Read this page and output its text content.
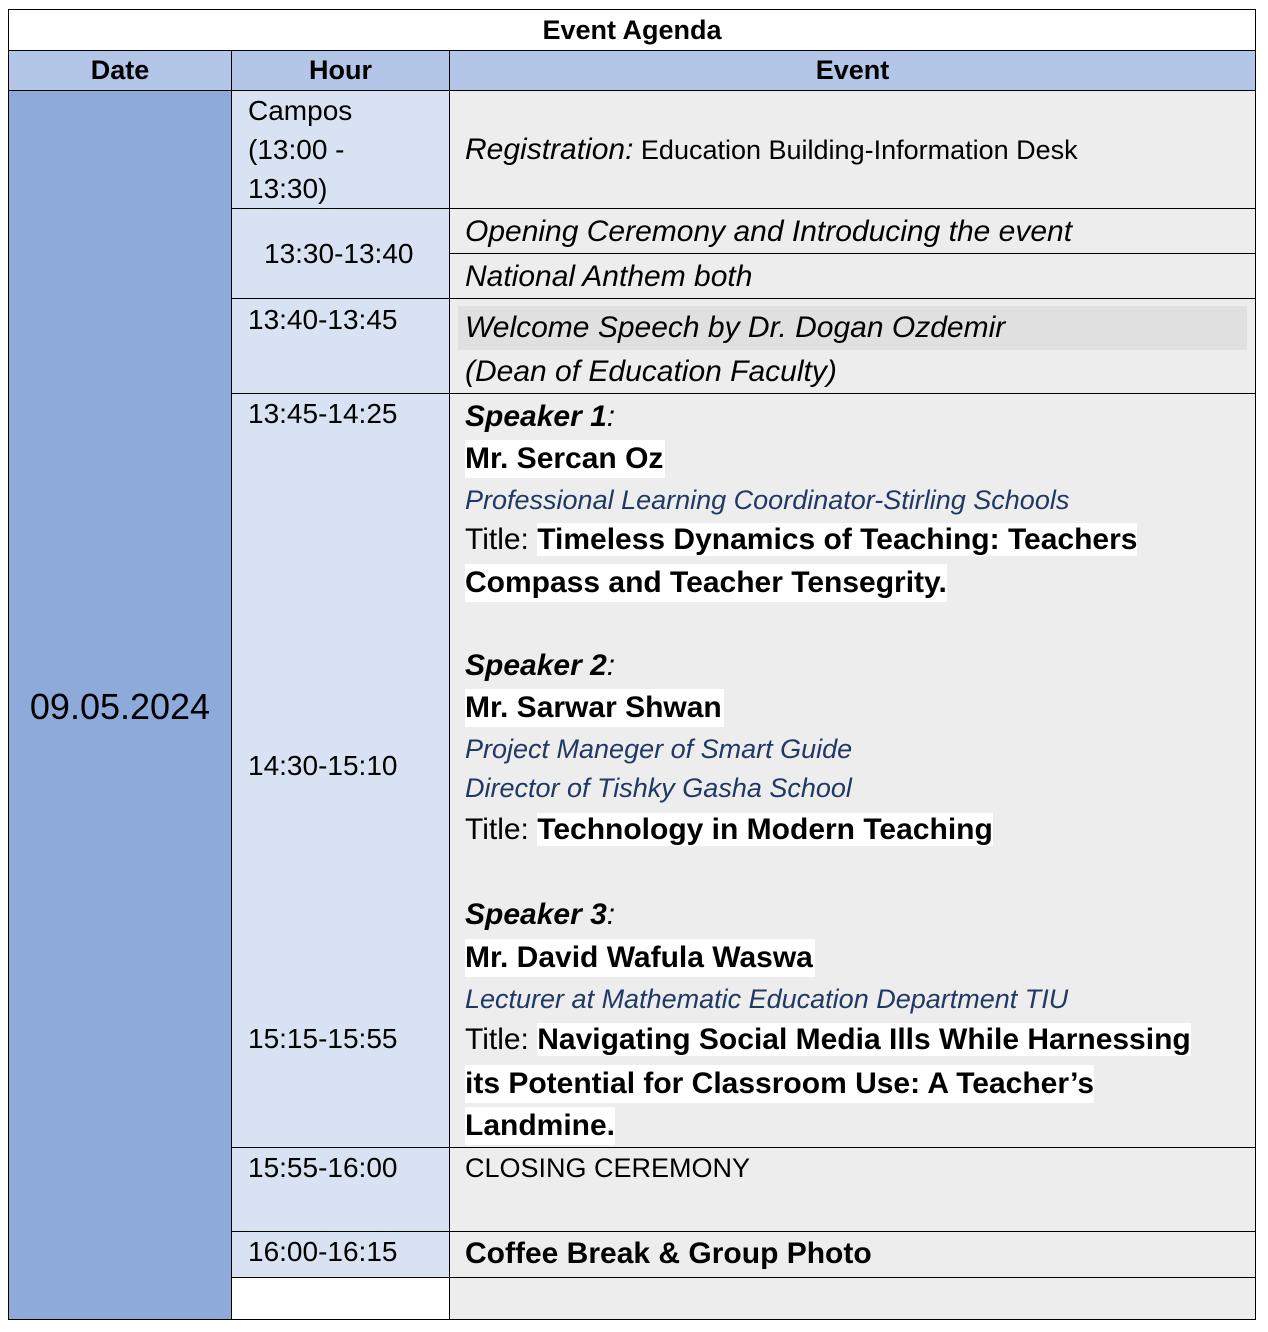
Event Agenda
Date	Hour	Event
09.05.2024
Campos
(13:00 -
13:30)
13:30-13:40
13:40-13:45
13:45-14:25
14:30-15:10
15:15-15:55
15:55-16:00
16:00-16:15
Registration: Education Building-Information Desk
Opening Ceremony and Introducing the event
National Anthem both
Welcome Speech by Dr. Dogan Ozdemir
(Dean of Education Faculty)
Speaker 1:
Mr. Sercan Oz
Professional Learning Coordinator-Stirling Schools
Title: Timeless Dynamics of Teaching: Teachers
Compass and Teacher Tensegrity.
Speaker 2:
Mr. Sarwar Shwan
Project Maneger of Smart Guide
Director of Tishky Gasha School
Title: Technology in Modern Teaching
Speaker 3:
Mr. David Wafula Waswa
Lecturer at Mathematic Education Department TIU
Title: Navigating Social Media Ills While Harnessing
its Potential for Classroom Use: A Teacher’s
Landmine.
CLOSING CEREMONY
Coffee Break & Group Photo
